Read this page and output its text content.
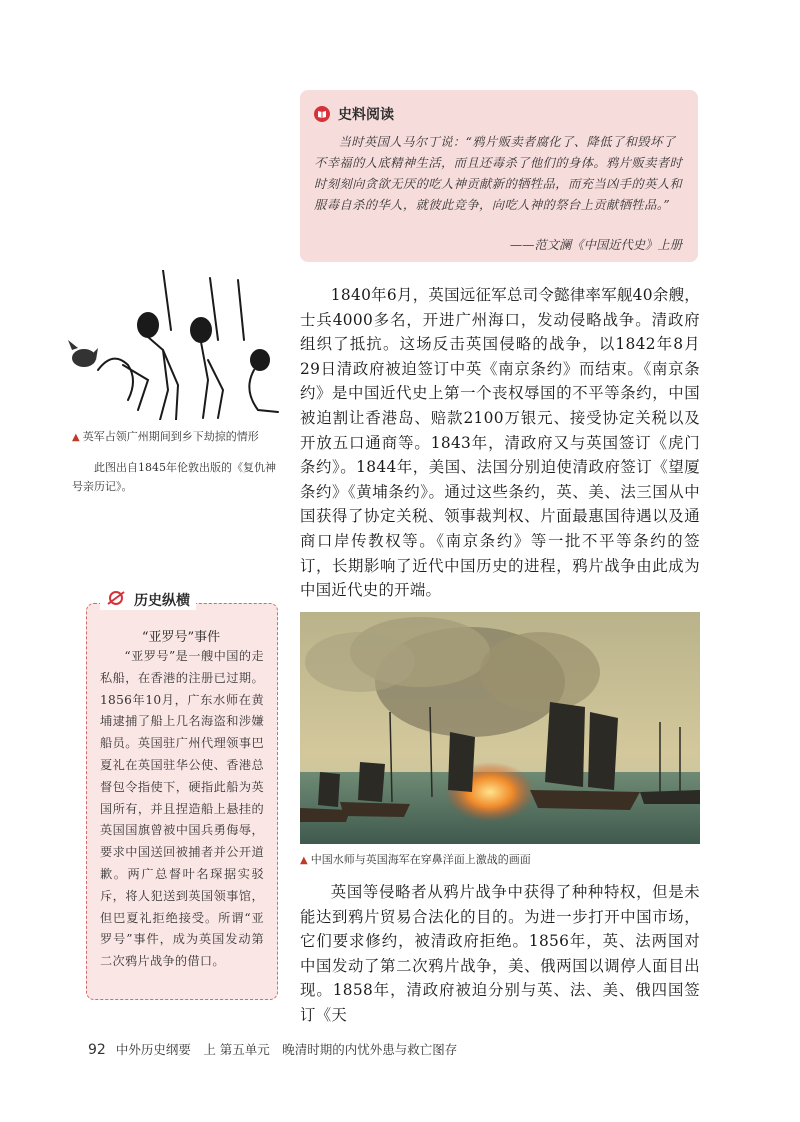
史料阅读
当时英国人马尔丁说：“鸦片贩卖者腐化了、降低了和毁坏了不幸福的人底精神生活，而且还毒杀了他们的身体。鸦片贩卖者时时刻刻向贪欲无厌的吃人神贡献新的牺牲品，而充当凶手的英人和服毒自杀的华人，就彼此竞争，向吃人神的祭台上贡献牺牲品。”
——范文澜《中国近代史》上册
1840年6月，英国远征军总司令懿律率军舰40余艘，士兵4000多名，开进广州海口，发动侵略战争。清政府组织了抵抗。这场反击英国侵略的战争，以1842年8月29日清政府被迫签订中英《南京条约》而结束。《南京条约》是中国近代史上第一个丧权辱国的不平等条约，中国被迫割让香港岛、赔款2100万银元、接受协定关税以及开放五口通商等。1843年，清政府又与英国签订《虎门条约》。1844年，美国、法国分别迫使清政府签订《望厦条约》《黄埔条约》。通过这些条约，英、美、法三国从中国获得了协定关税、领事裁判权、片面最惠国待遇以及通商口岸传教权等。《南京条约》等一批不平等条约的签订，长期影响了近代中国历史的进程，鸦片战争由此成为中国近代史的开端。
英国等侵略者从鸦片战争中获得了种种特权，但是未能达到鸦片贸易合法化的目的。为进一步打开中国市场，它们要求修约，被清政府拒绝。1856年，英、法两国对中国发动了第二次鸦片战争，美、俄两国以调停人面目出现。1858年，清政府被迫分别与英、法、美、俄四国签订《天
▲ 英军占领广州期间到乡下劫掠的情形
此图出自1845年伦敦出版的《复仇神号亲历记》。
历史纵横
“亚罗号”事件
“亚罗号”是一艘中国的走私船，在香港的注册已过期。1856年10月，广东水师在黄埔逮捕了船上几名海盗和涉嫌船员。英国驻广州代理领事巴夏礼在英国驻华公使、香港总督包令指使下，硬指此船为英国所有，并且捏造船上悬挂的英国国旗曾被中国兵勇侮辱，要求中国送回被捕者并公开道歉。两广总督叶名琛据实驳斥，将人犯送到英国领事馆，但巴夏礼拒绝接受。所谓“亚罗号”事件，成为英国发动第二次鸦片战争的借口。
▲ 中国水师与英国海军在穿鼻洋面上激战的画面
92 中外历史纲要　上 第五单元　晚清时期的内忧外患与救亡图存
